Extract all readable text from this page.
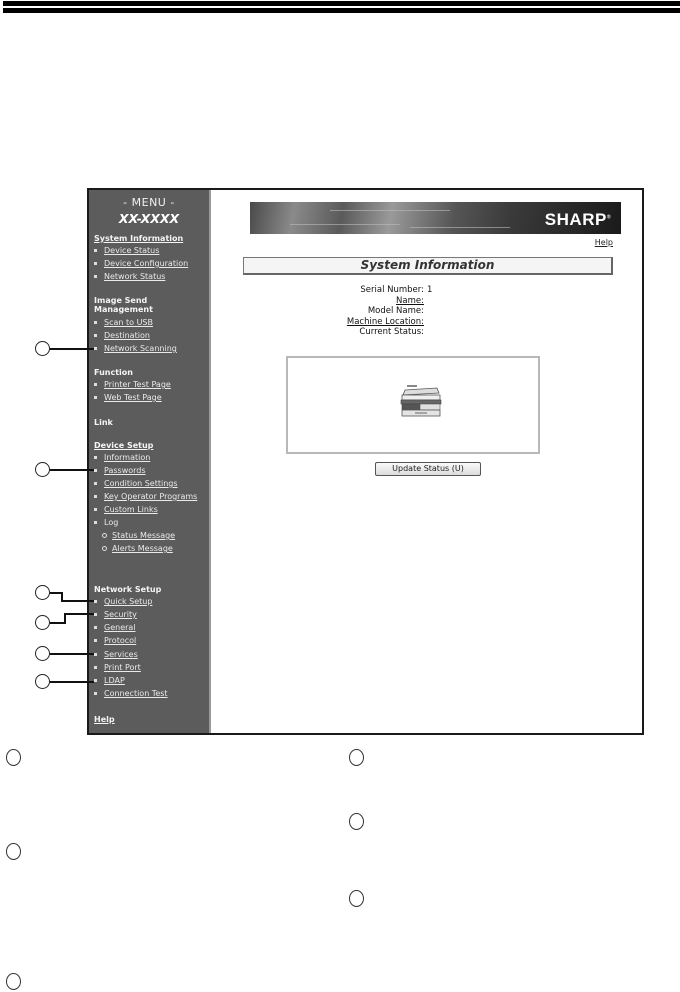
- MENU -
XX-XXXX
System Information
Device Status
Device Configuration
Network Status
Image Send
Management
Scan to USB
Destination
Network Scanning
Function
Printer Test Page
Web Test Page
Link
Device Setup
Information
Passwords
Condition Settings
Key Operator Programs
Custom Links
Log
Status Message
Alerts Message
Network Setup
Quick Setup
Security
General
Protocol
Services
Print Port
LDAP
Connection Test
Help
SHARP®
Help
System Information
Serial Number: 1
Name:
Model Name:
Machine Location:
Current Status:
Update Status (U)
